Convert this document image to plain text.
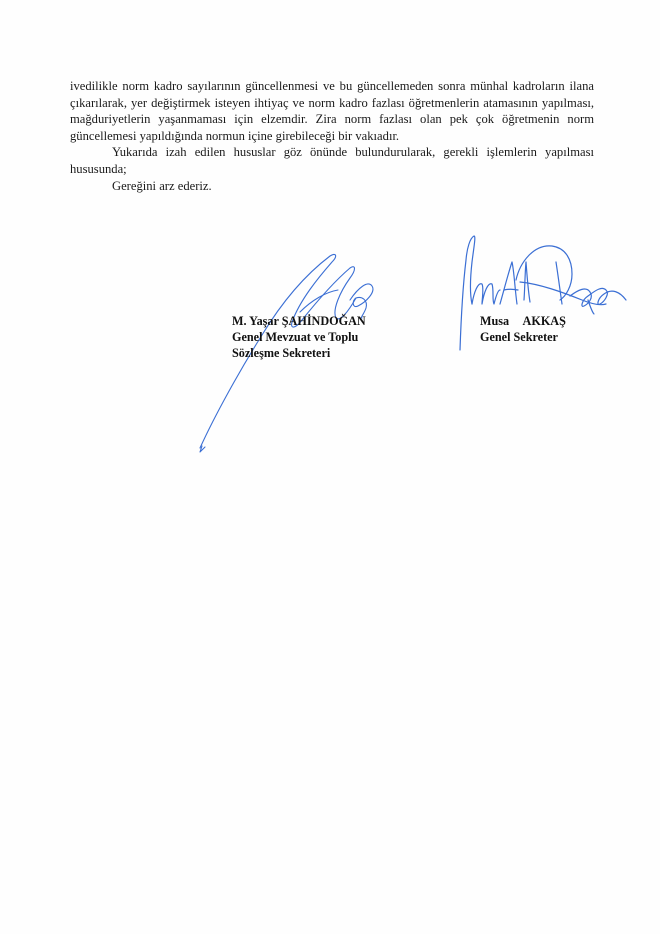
ivedilikle norm kadro sayılarının güncellenmesi ve bu güncellemeden sonra münhal kadroların ilana çıkarılarak, yer değiştirmek isteyen ihtiyaç ve norm kadro fazlası öğretmenlerin atamasının yapılması, mağduriyetlerin yaşanmaması için elzemdir. Zira norm fazlası olan pek çok öğretmenin norm güncellemesi yapıldığında normun içine girebileceği bir vakıadır.

Yukarıda izah edilen hususlar göz önünde bulundurularak, gerekli işlemlerin yapılması hususunda;

Gereğini arz ederiz.

M. Yaşar ŞAHİNDOĞAN
Genel Mevzuat ve Toplu
Sözleşme Sekreteri
Musa  AKKAŞ
Genel Sekreter
